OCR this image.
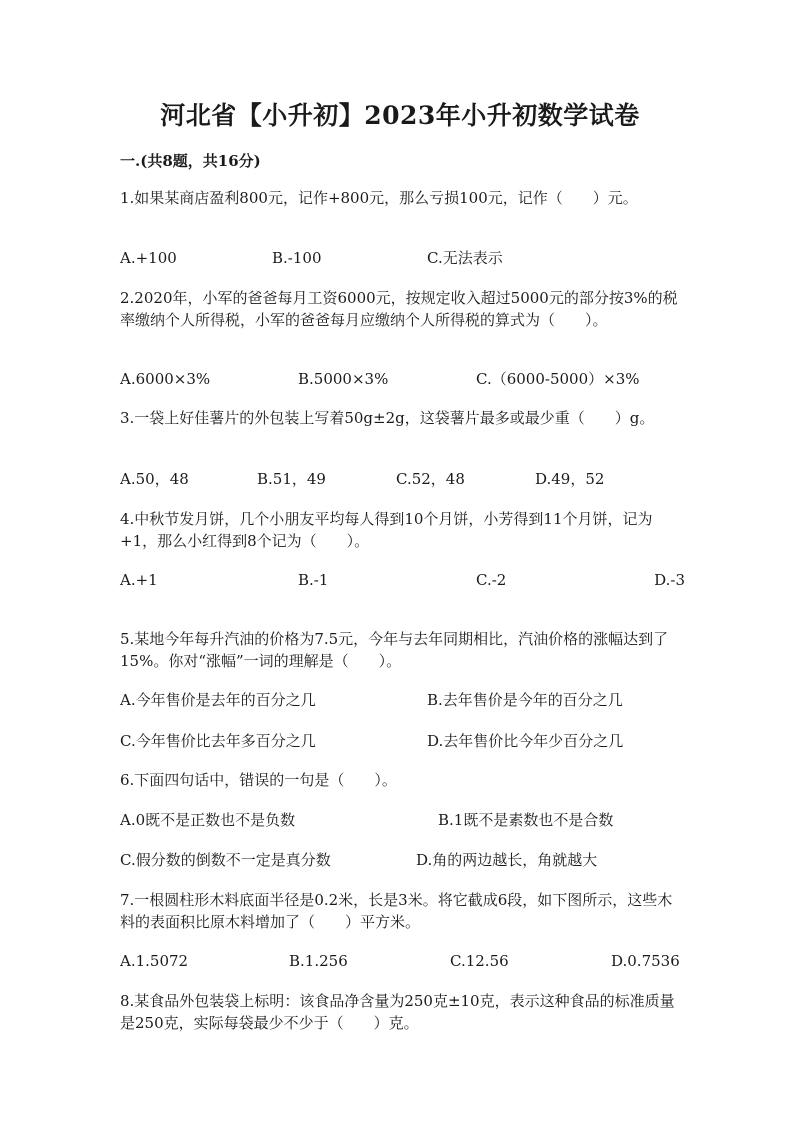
河北省【小升初】2023年小升初数学试卷
一.(共8题，共16分)
1.如果某商店盈利800元，记作+800元，那么亏损100元，记作（　　）元。
A.+100	B.-100	C.无法表示
2.2020年，小军的爸爸每月工资6000元，按规定收入超过5000元的部分按3%的税率缴纳个人所得税，小军的爸爸每月应缴纳个人所得税的算式为（　　）。
A.6000×3%	B.5000×3%	C.（6000-5000）×3%
3.一袋上好佳薯片的外包装上写着50g±2g，这袋薯片最多或最少重（　　）g。
A.50，48	B.51，49	C.52，48	D.49，52
4.中秋节发月饼，几个小朋友平均每人得到10个月饼，小芳得到11个月饼，记为+1，那么小红得到8个记为（　　）。
A.+1	B.-1	C.-2	D.-3
5.某地今年每升汽油的价格为7.5元，今年与去年同期相比，汽油价格的涨幅达到了15%。你对“涨幅”一词的理解是（　　）。
A.今年售价是去年的百分之几	B.去年售价是今年的百分之几
C.今年售价比去年多百分之几	D.去年售价比今年少百分之几
6.下面四句话中，错误的一句是（　　）。
A.0既不是正数也不是负数	B.1既不是素数也不是合数
C.假分数的倒数不一定是真分数	D.角的两边越长，角就越大
7.一根圆柱形木料底面半径是0.2米，长是3米。将它截成6段，如下图所示，这些木料的表面积比原木料增加了（　　）平方米。
A.1.5072	B.1.256	C.12.56	D.0.7536
8.某食品外包装袋上标明：该食品净含量为250克±10克，表示这种食品的标准质量是250克，实际每袋最少不少于（　　）克。
